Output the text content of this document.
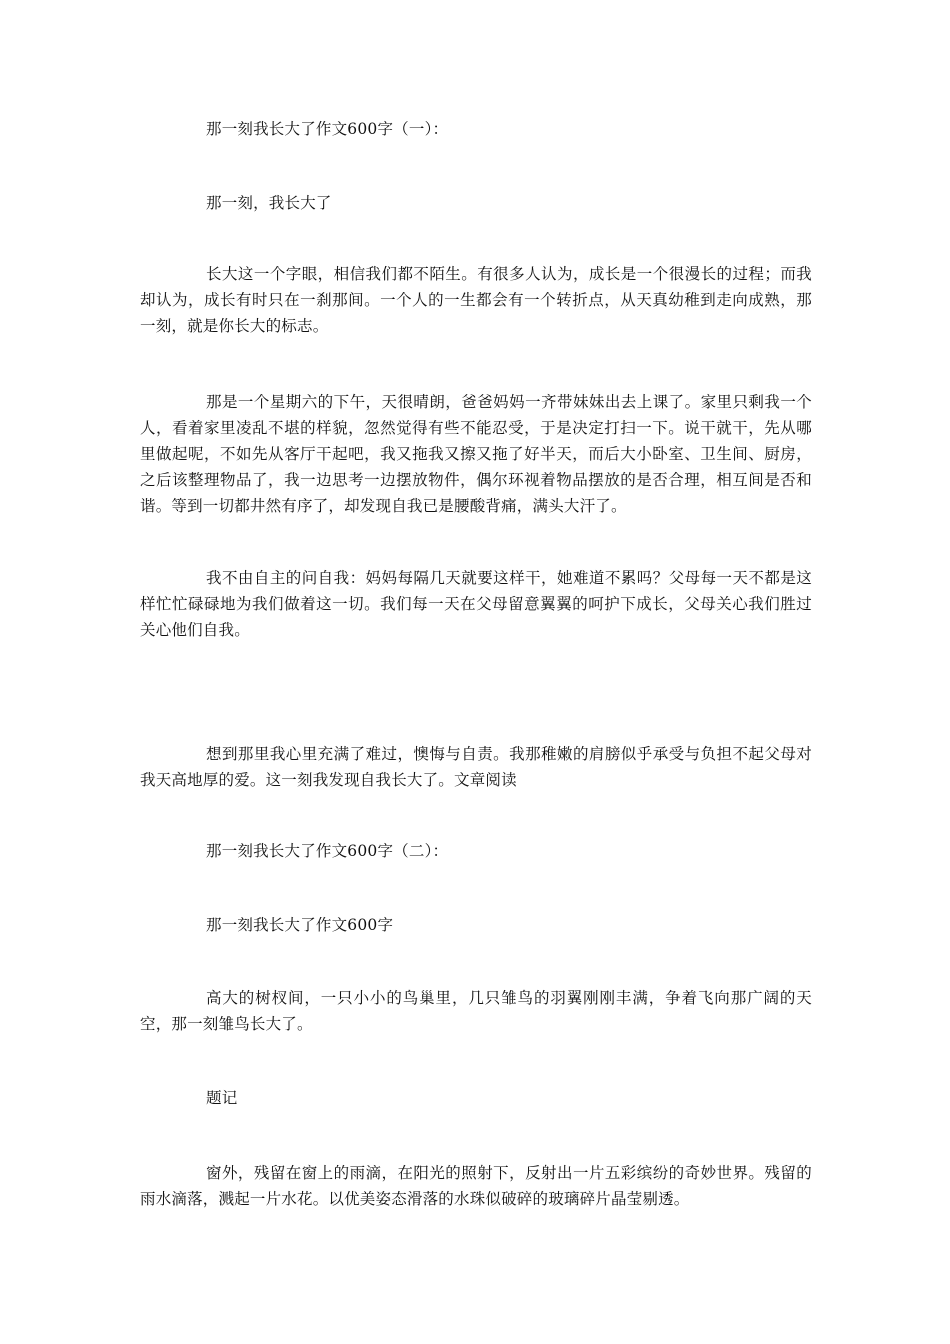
那一刻我长大了作文600字（一）：

那一刻，我长大了

长大这一个字眼，相信我们都不陌生。有很多人认为，成长是一个很漫长的过程；而我却认为，成长有时只在一刹那间。一个人的一生都会有一个转折点，从天真幼稚到走向成熟，那一刻，就是你长大的标志。

那是一个星期六的下午，天很晴朗，爸爸妈妈一齐带妹妹出去上课了。家里只剩我一个人，看着家里凌乱不堪的样貌，忽然觉得有些不能忍受，于是决定打扫一下。说干就干，先从哪里做起呢，不如先从客厅干起吧，我又拖我又擦又拖了好半天，而后大小卧室、卫生间、厨房，之后该整理物品了，我一边思考一边摆放物件，偶尔环视着物品摆放的是否合理，相互间是否和谐。等到一切都井然有序了，却发现自我已是腰酸背痛，满头大汗了。

我不由自主的问自我：妈妈每隔几天就要这样干，她难道不累吗？父母每一天不都是这样忙忙碌碌地为我们做着这一切。我们每一天在父母留意翼翼的呵护下成长，父母关心我们胜过关心他们自我。

想到那里我心里充满了难过，懊悔与自责。我那稚嫩的肩膀似乎承受与负担不起父母对我天高地厚的爱。这一刻我发现自我长大了。文章阅读

那一刻我长大了作文600字（二）：

那一刻我长大了作文600字

高大的树杈间，一只小小的鸟巢里，几只雏鸟的羽翼刚刚丰满，争着飞向那广阔的天空，那一刻雏鸟长大了。

题记

窗外，残留在窗上的雨滴，在阳光的照射下，反射出一片五彩缤纷的奇妙世界。残留的雨水滴落，溅起一片水花。以优美姿态滑落的水珠似破碎的玻璃碎片晶莹剔透。
